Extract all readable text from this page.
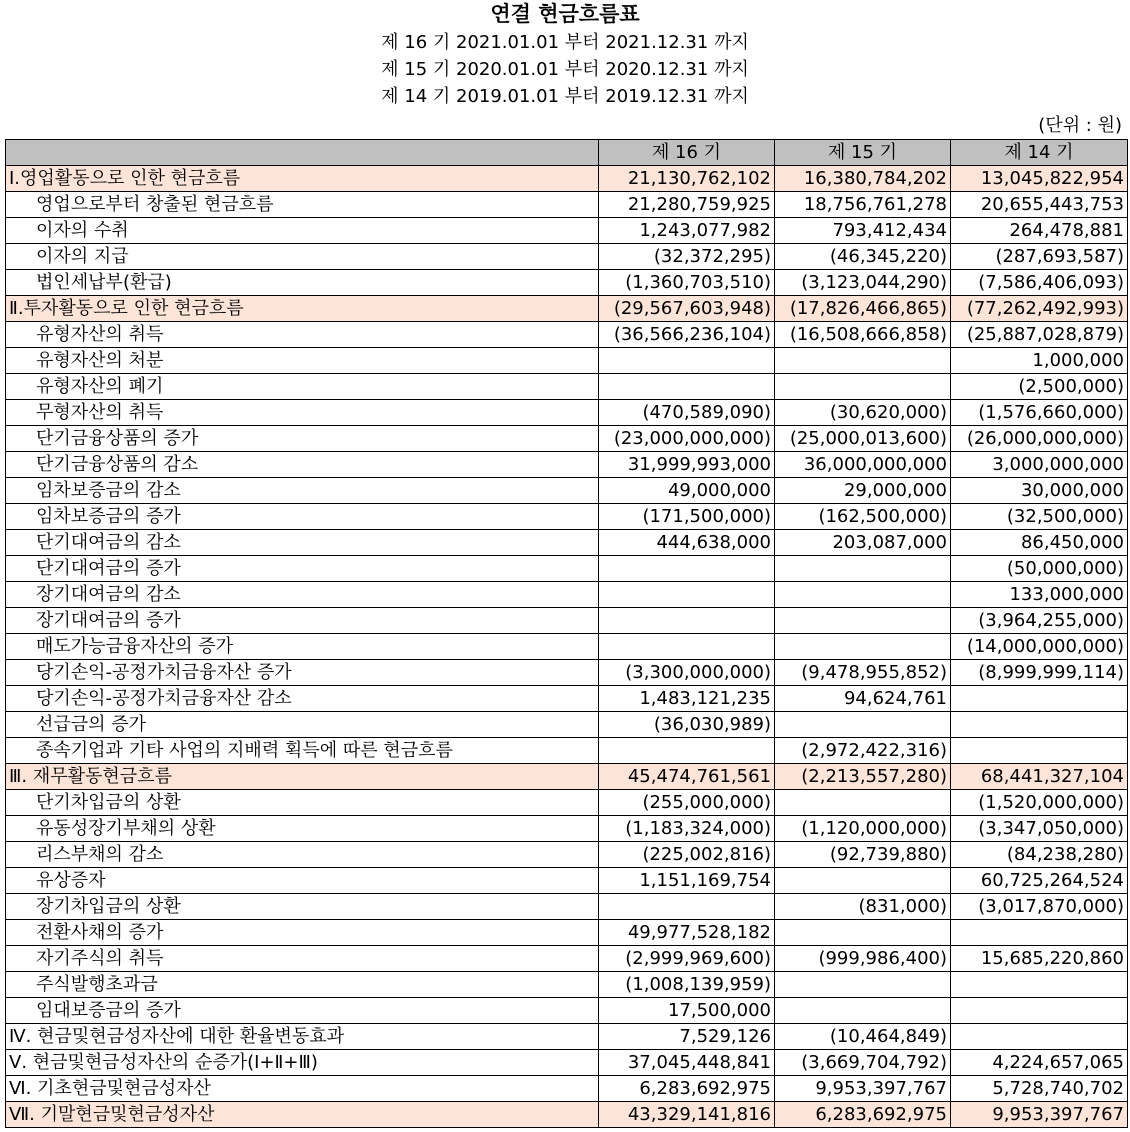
연결 현금흐름표
제 16 기 2021.01.01 부터 2021.12.31 까지
제 15 기 2020.01.01 부터 2020.12.31 까지
제 14 기 2019.01.01 부터 2019.12.31 까지
(단위 : 원)
	제 16 기	제 15 기	제 14 기
Ⅰ.영업활동으로 인한 현금흐름	21,130,762,102	16,380,784,202	13,045,822,954
영업으로부터 창출된 현금흐름	21,280,759,925	18,756,761,278	20,655,443,753
이자의 수취	1,243,077,982	793,412,434	264,478,881
이자의 지급	(32,372,295)	(46,345,220)	(287,693,587)
법인세납부(환급)	(1,360,703,510)	(3,123,044,290)	(7,586,406,093)
Ⅱ.투자활동으로 인한 현금흐름	(29,567,603,948)	(17,826,466,865)	(77,262,492,993)
유형자산의 취득	(36,566,236,104)	(16,508,666,858)	(25,887,028,879)
유형자산의 처분			1,000,000
유형자산의 폐기			(2,500,000)
무형자산의 취득	(470,589,090)	(30,620,000)	(1,576,660,000)
단기금융상품의 증가	(23,000,000,000)	(25,000,013,600)	(26,000,000,000)
단기금융상품의 감소	31,999,993,000	36,000,000,000	3,000,000,000
임차보증금의 감소	49,000,000	29,000,000	30,000,000
임차보증금의 증가	(171,500,000)	(162,500,000)	(32,500,000)
단기대여금의 감소	444,638,000	203,087,000	86,450,000
단기대여금의 증가			(50,000,000)
장기대여금의 감소			133,000,000
장기대여금의 증가			(3,964,255,000)
매도가능금융자산의 증가			(14,000,000,000)
당기손익-공정가치금융자산 증가	(3,300,000,000)	(9,478,955,852)	(8,999,999,114)
당기손익-공정가치금융자산 감소	1,483,121,235	94,624,761	
선급금의 증가	(36,030,989)		
종속기업과 기타 사업의 지배력 획득에 따른 현금흐름		(2,972,422,316)	
Ⅲ. 재무활동현금흐름	45,474,761,561	(2,213,557,280)	68,441,327,104
단기차입금의 상환	(255,000,000)		(1,520,000,000)
유동성장기부채의 상환	(1,183,324,000)	(1,120,000,000)	(3,347,050,000)
리스부채의 감소	(225,002,816)	(92,739,880)	(84,238,280)
유상증자	1,151,169,754		60,725,264,524
장기차입금의 상환		(831,000)	(3,017,870,000)
전환사채의 증가	49,977,528,182		
자기주식의 취득	(2,999,969,600)	(999,986,400)	15,685,220,860
주식발행초과금	(1,008,139,959)		
임대보증금의 증가	17,500,000		
Ⅳ. 현금및현금성자산에 대한 환율변동효과	7,529,126	(10,464,849)	
Ⅴ. 현금및현금성자산의 순증가(Ⅰ+Ⅱ+Ⅲ)	37,045,448,841	(3,669,704,792)	4,224,657,065
Ⅵ. 기초현금및현금성자산	6,283,692,975	9,953,397,767	5,728,740,702
Ⅶ. 기말현금및현금성자산	43,329,141,816	6,283,692,975	9,953,397,767
